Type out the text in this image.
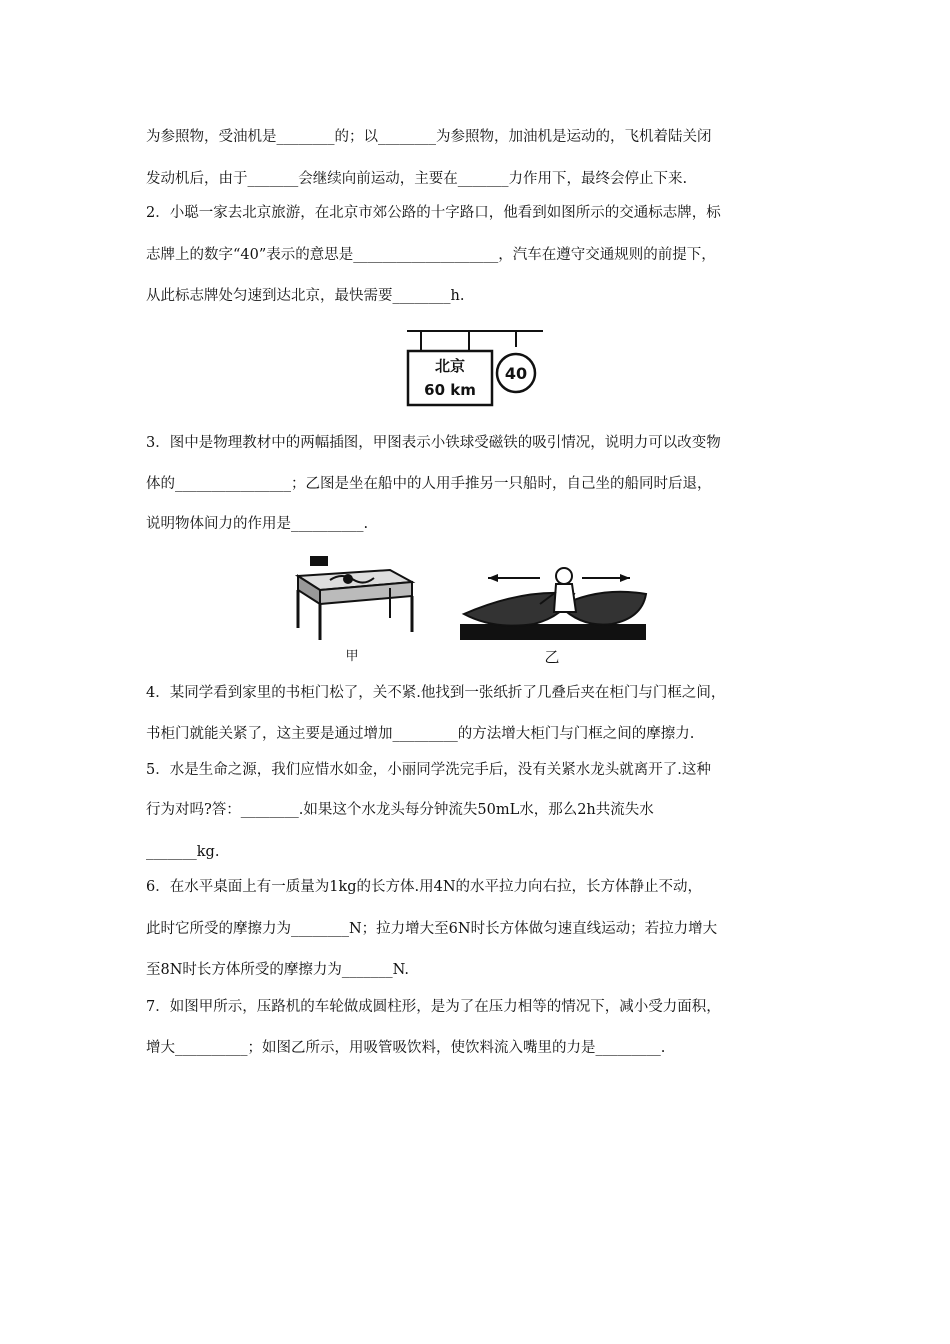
为参照物，受油机是________的；以________为参照物，加油机是运动的，飞机着陆关闭
发动机后，由于_______会继续向前运动，主要在_______力作用下，最终会停止下来.
2．小聪一家去北京旅游，在北京市郊公路的十字路口，他看到如图所示的交通标志牌，标
志牌上的数字“40”表示的意思是____________________，汽车在遵守交通规则的前提下，
从此标志牌处匀速到达北京，最快需要________h.
北京
60 km
40
3．图中是物理教材中的两幅插图，甲图表示小铁球受磁铁的吸引情况，说明力可以改变物
体的________________；乙图是坐在船中的人用手推另一只船时，自己坐的船同时后退，
说明物体间力的作用是__________.
甲	乙
4．某同学看到家里的书柜门松了，关不紧.他找到一张纸折了几叠后夹在柜门与门框之间，
书柜门就能关紧了，这主要是通过增加_________的方法增大柜门与门框之间的摩擦力.
5．水是生命之源，我们应惜水如金，小丽同学洗完手后，没有关紧水龙头就离开了.这种
行为对吗?答：________.如果这个水龙头每分钟流失50mL水，那么2h共流失水
_______kg.
6．在水平桌面上有一质量为1kg的长方体.用4N的水平拉力向右拉，长方体静止不动，
此时它所受的摩擦力为________N；拉力增大至6N时长方体做匀速直线运动；若拉力增大
至8N时长方体所受的摩擦力为_______N.
7．如图甲所示，压路机的车轮做成圆柱形，是为了在压力相等的情况下，减小受力面积，
增大__________；如图乙所示，用吸管吸饮料，使饮料流入嘴里的力是_________.
